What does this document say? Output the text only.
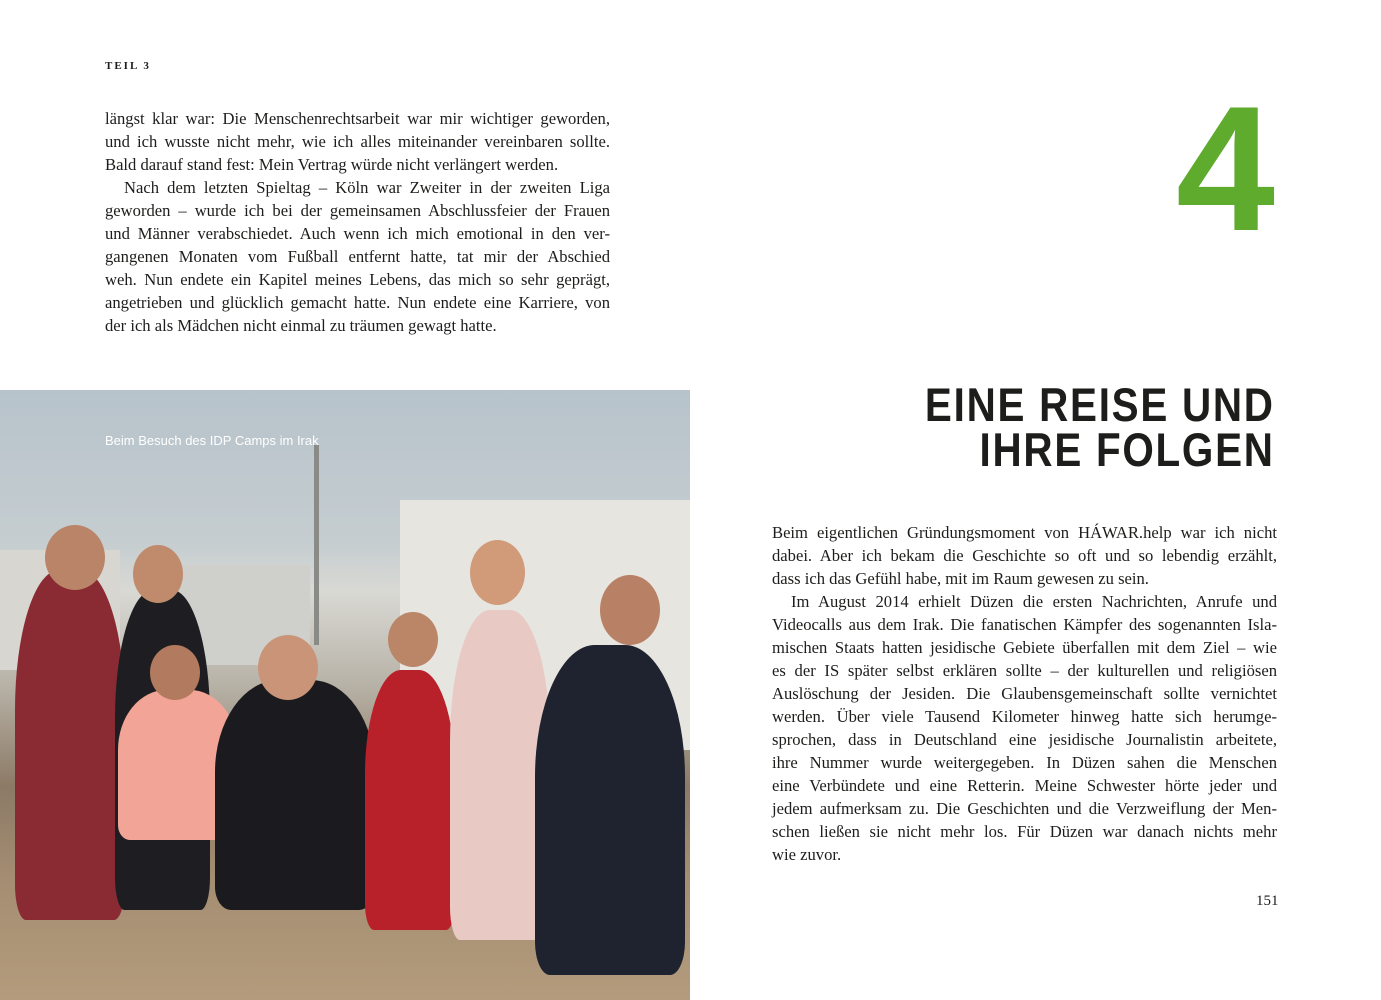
TEIL 3
längst klar war: Die Menschenrechtsarbeit war mir wichtiger geworden,
und ich wusste nicht mehr, wie ich alles miteinander vereinbaren sollte.
Bald darauf stand fest: Mein Vertrag würde nicht verlängert werden.
Nach dem letzten Spieltag – Köln war Zweiter in der zweiten Liga
geworden – wurde ich bei der gemeinsamen Abschlussfeier der Frauen
und Männer verabschiedet. Auch wenn ich mich emotional in den ver-
gangenen Monaten vom Fußball entfernt hatte, tat mir der Abschied
weh. Nun endete ein Kapitel meines Lebens, das mich so sehr geprägt,
angetrieben und glücklich gemacht hatte. Nun endete eine Karriere, von
der ich als Mädchen nicht einmal zu träumen gewagt hatte.
Beim Besuch des IDP Camps im Irak
4
EINE REISE UND
IHRE FOLGEN
Beim eigentlichen Gründungsmoment von HÁWAR.help war ich nicht
dabei. Aber ich bekam die Geschichte so oft und so lebendig erzählt,
dass ich das Gefühl habe, mit im Raum gewesen zu sein.
Im August 2014 erhielt Düzen die ersten Nachrichten, Anrufe und
Videocalls aus dem Irak. Die fanatischen Kämpfer des sogenannten Isla-
mischen Staats hatten jesidische Gebiete überfallen mit dem Ziel – wie
es der IS später selbst erklären sollte – der kulturellen und religiösen
Auslöschung der Jesiden. Die Glaubensgemeinschaft sollte vernichtet
werden. Über viele Tausend Kilometer hinweg hatte sich herumge-
sprochen, dass in Deutschland eine jesidische Journalistin arbeitete,
ihre Nummer wurde weitergegeben. In Düzen sahen die Menschen
eine Verbündete und eine Retterin. Meine Schwester hörte jeder und
jedem aufmerksam zu. Die Geschichten und die Verzweiflung der Men-
schen ließen sie nicht mehr los. Für Düzen war danach nichts mehr
wie zuvor.
151
